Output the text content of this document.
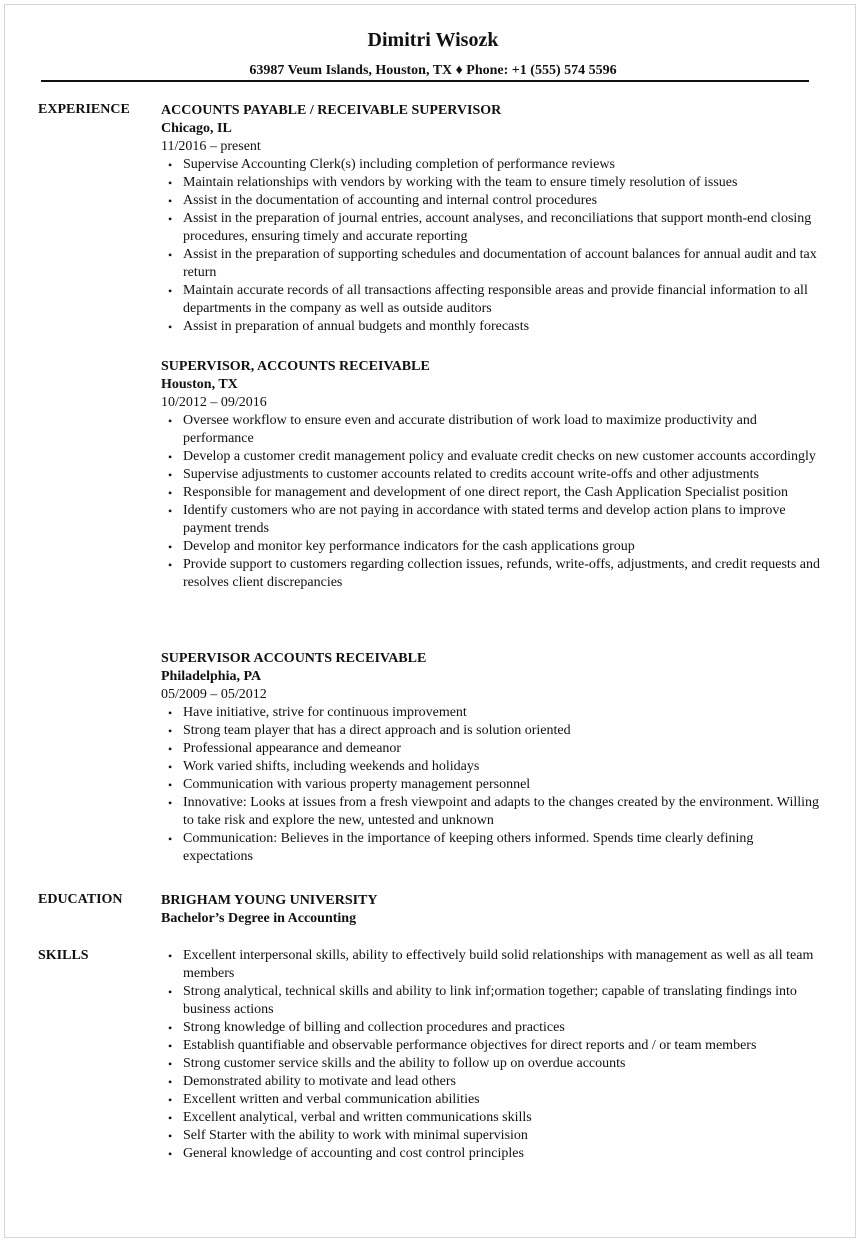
Dimitri Wisozk
63987 Veum Islands, Houston, TX ♦ Phone: +1 (555) 574 5596
EXPERIENCE ACCOUNTS PAYABLE / RECEIVABLE SUPERVISOR
Chicago, IL
11/2016 – present
• Supervise Accounting Clerk(s) including completion of performance reviews
• Maintain relationships with vendors by working with the team to ensure timely resolution of issues
• Assist in the documentation of accounting and internal control procedures
• Assist in the preparation of journal entries, account analyses, and reconciliations that support month-end closing procedures, ensuring timely and accurate reporting
• Assist in the preparation of supporting schedules and documentation of account balances for annual audit and tax return
• Maintain accurate records of all transactions affecting responsible areas and provide financial information to all departments in the company as well as outside auditors
• Assist in preparation of annual budgets and monthly forecasts
SUPERVISOR, ACCOUNTS RECEIVABLE
Houston, TX
10/2012 – 09/2016
• Oversee workflow to ensure even and accurate distribution of work load to maximize productivity and performance
• Develop a customer credit management policy and evaluate credit checks on new customer accounts accordingly
• Supervise adjustments to customer accounts related to credits account write-offs and other adjustments
• Responsible for management and development of one direct report, the Cash Application Specialist position
• Identify customers who are not paying in accordance with stated terms and develop action plans to improve payment trends
• Develop and monitor key performance indicators for the cash applications group
• Provide support to customers regarding collection issues, refunds, write-offs, adjustments, and credit requests and resolves client discrepancies
SUPERVISOR ACCOUNTS RECEIVABLE
Philadelphia, PA
05/2009 – 05/2012
• Have initiative, strive for continuous improvement
• Strong team player that has a direct approach and is solution oriented
• Professional appearance and demeanor
• Work varied shifts, including weekends and holidays
• Communication with various property management personnel
• Innovative: Looks at issues from a fresh viewpoint and adapts to the changes created by the environment. Willing to take risk and explore the new, untested and unknown
• Communication: Believes in the importance of keeping others informed. Spends time clearly defining expectations
EDUCATION	BRIGHAM YOUNG UNIVERSITY
Bachelor’s Degree in Accounting
SKILLS
•	Excellent interpersonal skills, ability to effectively build solid relationships with management as well as all team members
• Strong analytical, technical skills and ability to link inf;ormation together; capable of translating findings into business actions
• Strong knowledge of billing and collection procedures and practices
• Establish quantifiable and observable performance objectives for direct reports and / or team members
• Strong customer service skills and the ability to follow up on overdue accounts
• Demonstrated ability to motivate and lead others
• Excellent written and verbal communication abilities
• Excellent analytical, verbal and written communications skills
• Self Starter with the ability to work with minimal supervision
• General knowledge of accounting and cost control principles
